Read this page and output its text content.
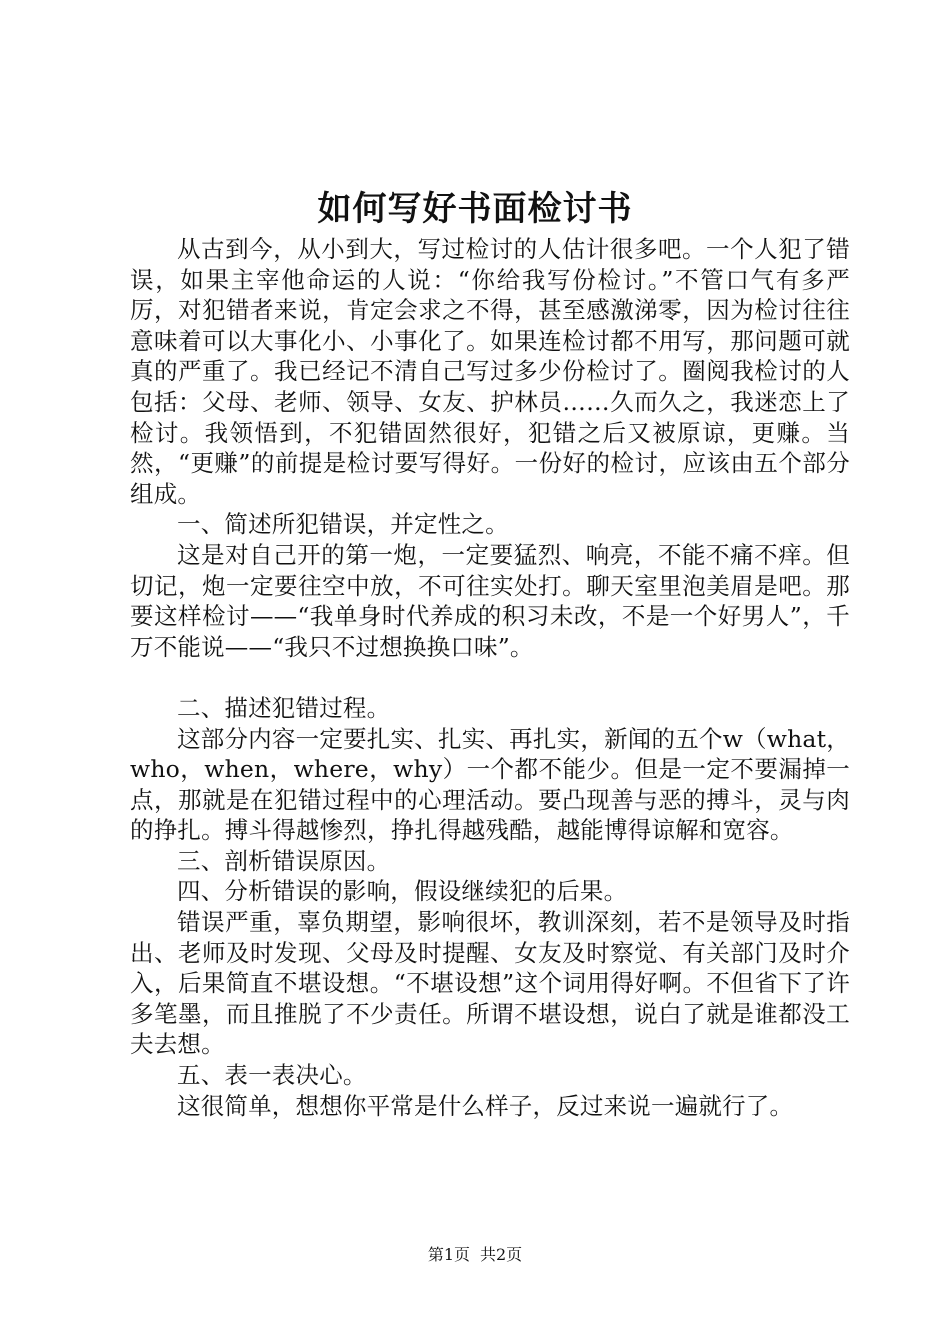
如何写好书面检讨书

从古到今，从小到大，写过检讨的人估计很多吧。一个人犯了错误，如果主宰他命运的人说：“你给我写份检讨。”不管口气有多严厉，对犯错者来说，肯定会求之不得，甚至感激涕零，因为检讨往往意味着可以大事化小、小事化了。如果连检讨都不用写，那问题可就真的严重了。我已经记不清自己写过多少份检讨了。圈阅我检讨的人包括：父母、老师、领导、女友、护林员……久而久之，我迷恋上了检讨。我领悟到，不犯错固然很好，犯错之后又被原谅，更赚。当然，“更赚”的前提是检讨要写得好。一份好的检讨，应该由五个部分组成。

一、简述所犯错误，并定性之。

这是对自己开的第一炮，一定要猛烈、响亮，不能不痛不痒。但切记，炮一定要往空中放，不可往实处打。聊天室里泡美眉是吧。那要这样检讨——“我单身时代养成的积习未改，不是一个好男人”，千万不能说——“我只不过想换换口味”。

二、描述犯错过程。

这部分内容一定要扎实、扎实、再扎实，新闻的五个w（what，who，when，where，why）一个都不能少。但是一定不要漏掉一点，那就是在犯错过程中的心理活动。要凸现善与恶的搏斗，灵与肉的挣扎。搏斗得越惨烈，挣扎得越残酷，越能博得谅解和宽容。

三、剖析错误原因。

四、分析错误的影响，假设继续犯的后果。

错误严重，辜负期望，影响很坏，教训深刻，若不是领导及时指出、老师及时发现、父母及时提醒、女友及时察觉、有关部门及时介入，后果简直不堪设想。“不堪设想”这个词用得好啊。不但省下了许多笔墨，而且推脱了不少责任。所谓不堪设想，说白了就是谁都没工夫去想。

五、表一表决心。

这很简单，想想你平常是什么样子，反过来说一遍就行了。

第1页 共2页
